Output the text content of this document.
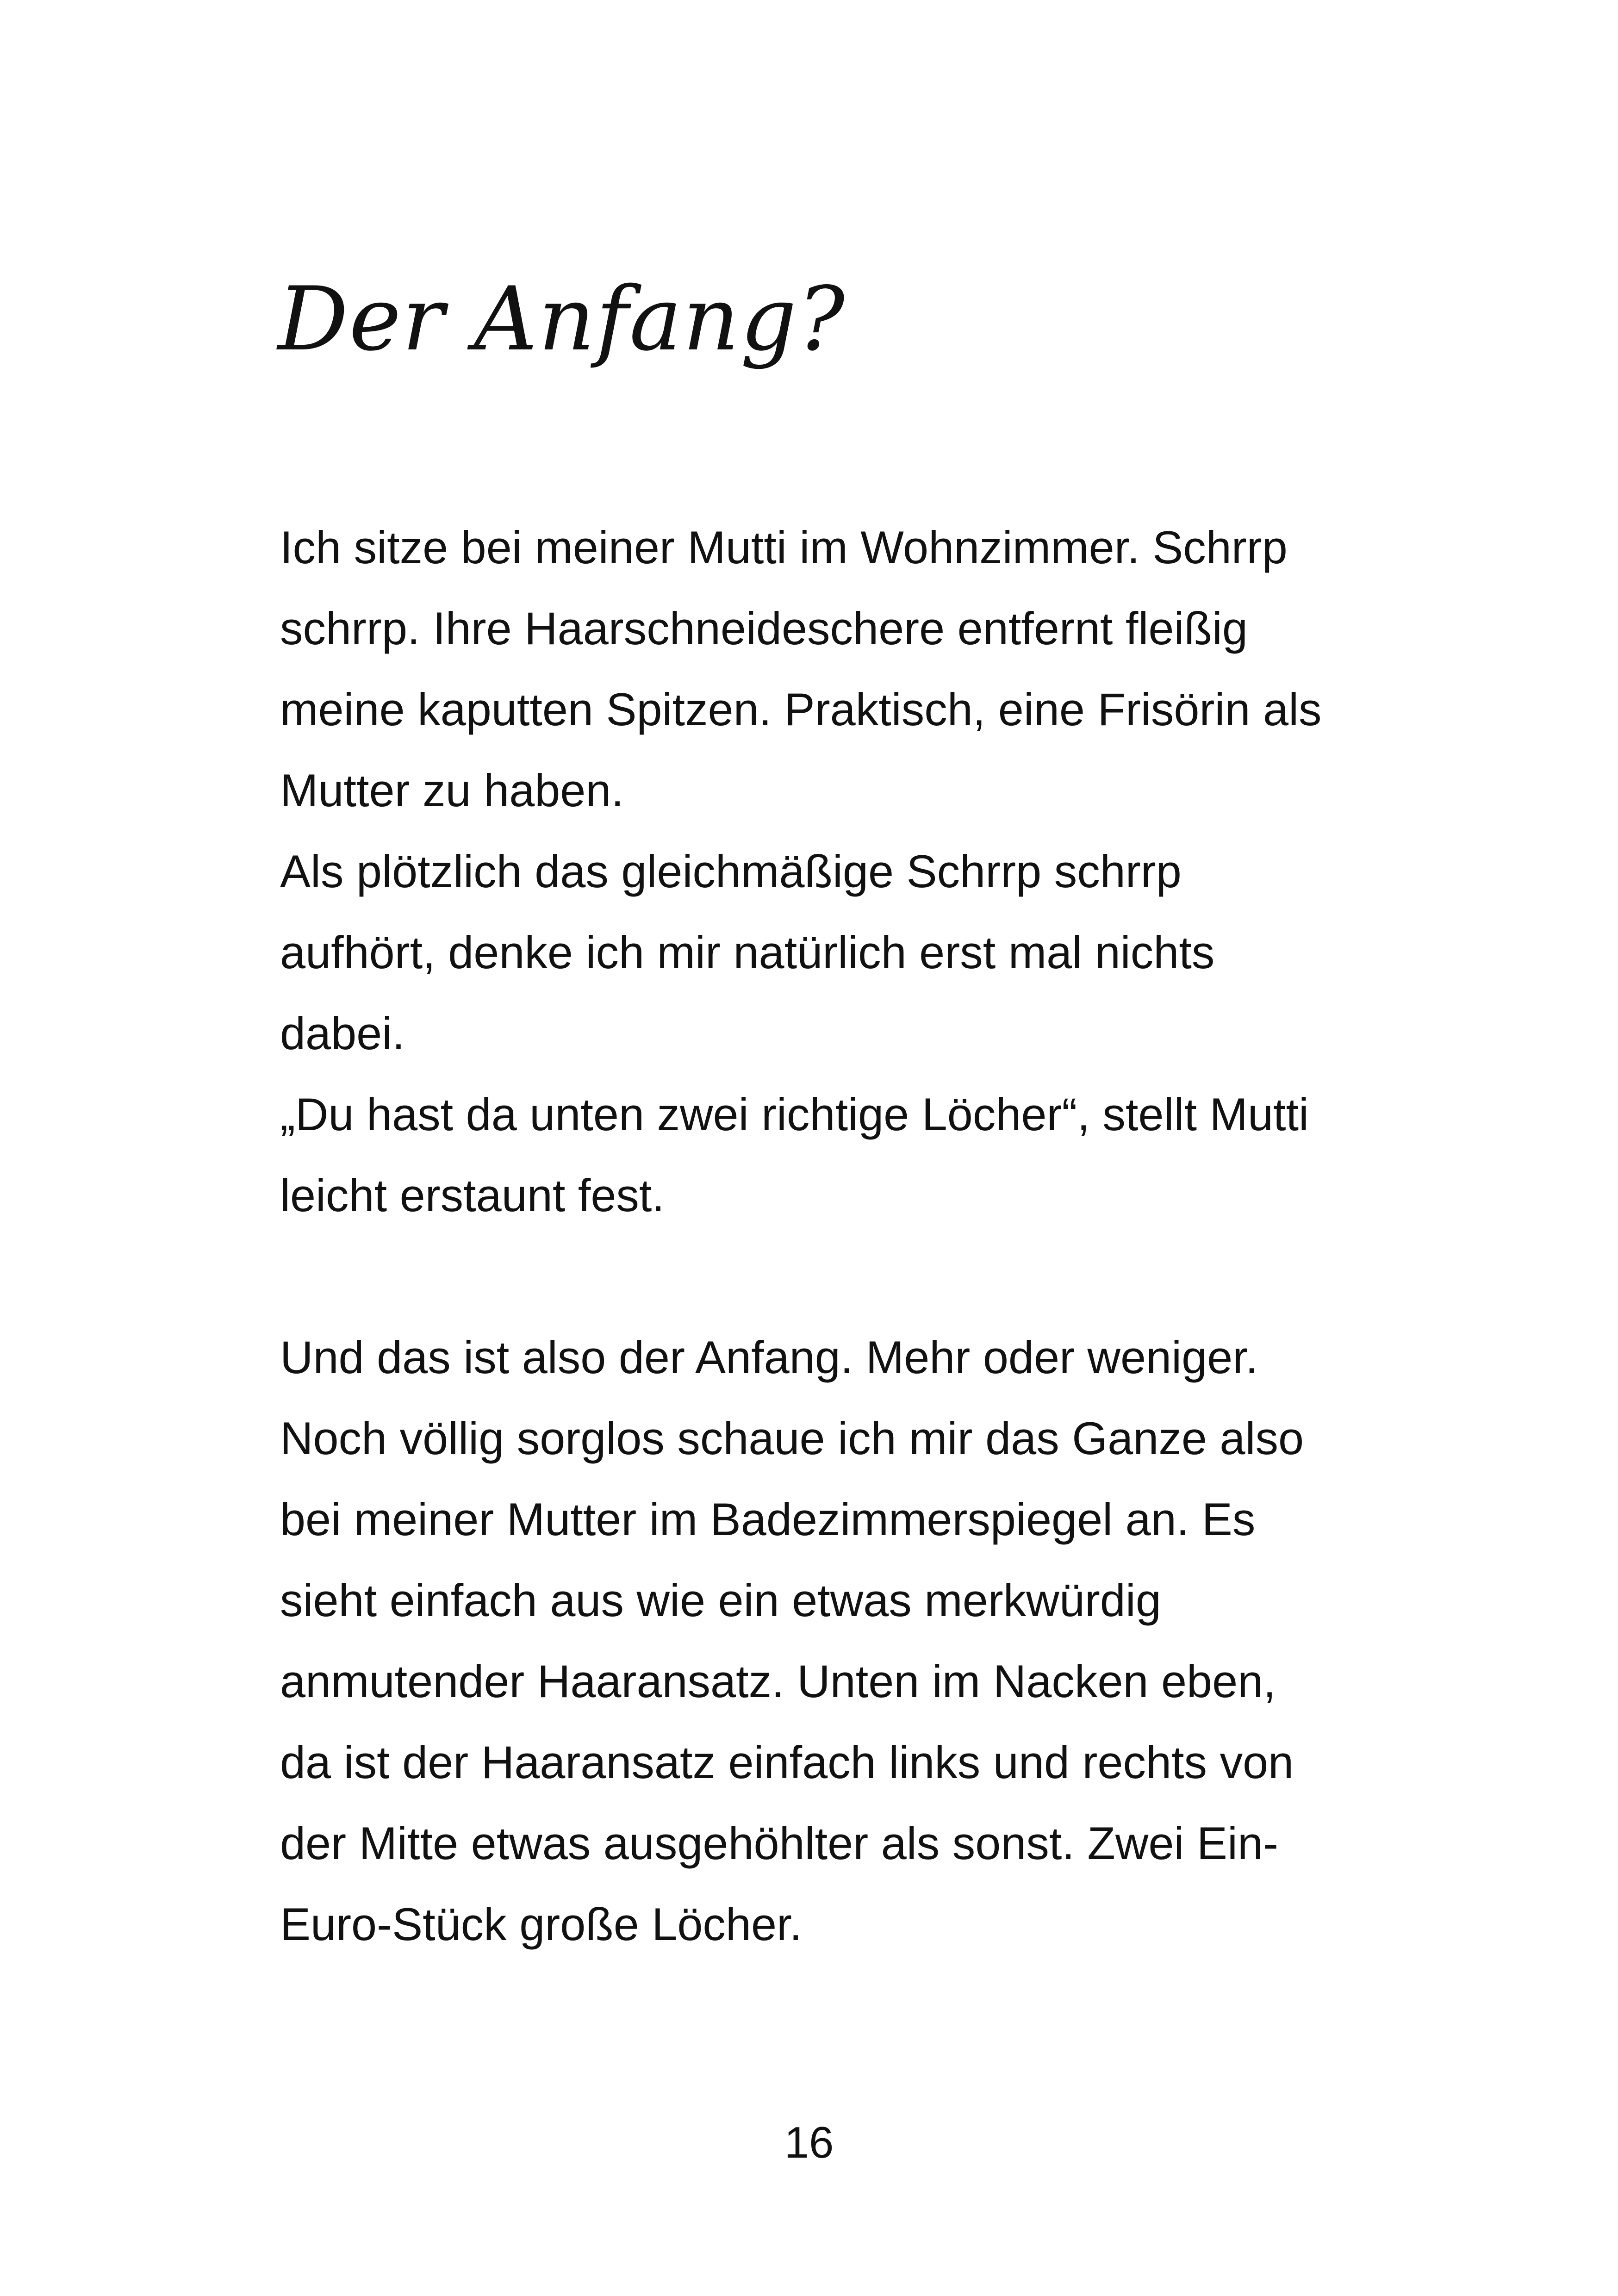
Der Anfang?
Ich sitze bei meiner Mutti im Wohnzimmer. Schrrp
schrrp. Ihre Haarschneideschere entfernt fleißig
meine kaputten Spitzen. Praktisch, eine Frisörin als
Mutter zu haben.
Als plötzlich das gleichmäßige Schrrp schrrp
aufhört, denke ich mir natürlich erst mal nichts
dabei.
„Du hast da unten zwei richtige Löcher“, stellt Mutti
leicht erstaunt fest.
Und das ist also der Anfang. Mehr oder weniger.
Noch völlig sorglos schaue ich mir das Ganze also
bei meiner Mutter im Badezimmerspiegel an. Es
sieht einfach aus wie ein etwas merkwürdig
anmutender Haaransatz. Unten im Nacken eben,
da ist der Haaransatz einfach links und rechts von
der Mitte etwas ausgehöhlter als sonst. Zwei Ein-
Euro-Stück große Löcher.
16
